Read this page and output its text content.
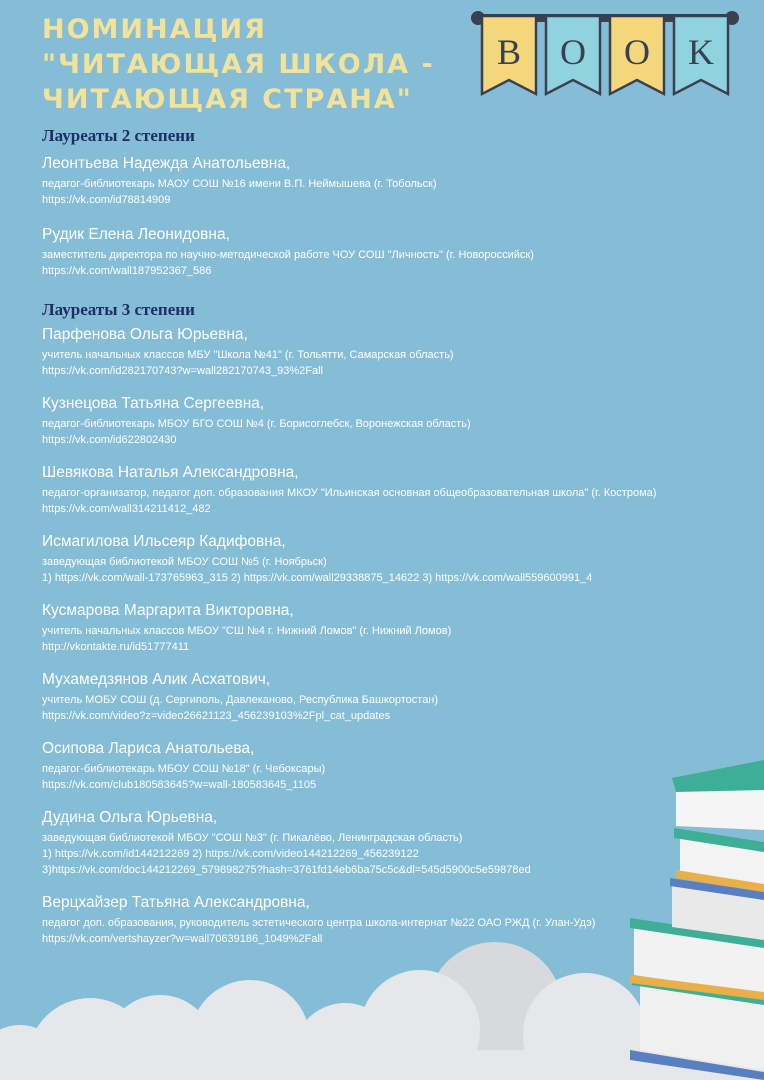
B O O K
НОМИНАЦИЯ
"ЧИТАЮЩАЯ ШКОЛА -
ЧИТАЮЩАЯ СТРАНА"
Лауреаты 2 степени
Леонтьева Надежда Анатольевна,
педагог-библиотекарь МАОУ СОШ №16 имени В.П. Неймышева (г. Тобольск)
https://vk.com/id78814909
Рудик Елена Леонидовна,
заместитель директора по научно-методической работе ЧОУ СОШ "Личность" (г. Новороссийск)
https://vk.com/wall187952367_586
Лауреаты 3 степени
Парфенова Ольга Юрьевна,
учитель начальных классов МБУ "Школа №41" (г. Тольятти, Самарская область)
https://vk.com/id282170743?w=wall282170743_93%2Fall
Кузнецова Татьяна Сергеевна,
педагог-библиотекарь МБОУ БГО СОШ №4 (г. Борисоглебск, Воронежская область)
https://vk.com/id622802430
Шевякова Наталья Александровна,
педагог-организатор, педагог доп. образования МКОУ "Ильинская основная общеобразовательная школа" (г. Кострома)
https://vk.com/wall314211412_482
Исмагилова Ильсеяр Кадифовна,
заведующая библиотекой МБОУ СОШ №5 (г. Ноябрьск)
1) https://vk.com/wall-173765963_315 2) https://vk.com/wall29338875_14622 3) https://vk.com/wall559600991_4
Кусмарова Маргарита Викторовна,
учитель начальных классов МБОУ "СШ №4 г. Нижний Ломов" (г. Нижний Ломов)
http://vkontakte.ru/id51777411
Мухамедзянов Алик Асхатович,
учитель МОБУ СОШ (д. Сергиполь, Давлеканово, Республика Башкортостан)
https://vk.com/video?z=video26621123_456239103%2Fpl_cat_updates
Осипова Лариса Анатольева,
педагог-библиотекарь МБОУ СОШ №18" (г. Чебоксары)
https://vk.com/club180583645?w=wall-180583645_1105
Дудина Ольга Юрьевна,
заведующая библиотекой МБОУ "СОШ №3" (г. Пикалёво, Ленинградская область)
1) https://vk.com/id144212269 2) https://vk.com/video144212269_456239122
3)https://vk.com/doc144212269_579898275?hash=3761fd14eb6ba75c5c&dl=545d5900c5e59878ed
Верцхайзер Татьяна Александровна,
педагог доп. образования, руководитель эстетического центра школа-интернат №22 ОАО РЖД (г. Улан-Удэ)
https://vk.com/vertshayzer?w=wall70639186_1049%2Fall
